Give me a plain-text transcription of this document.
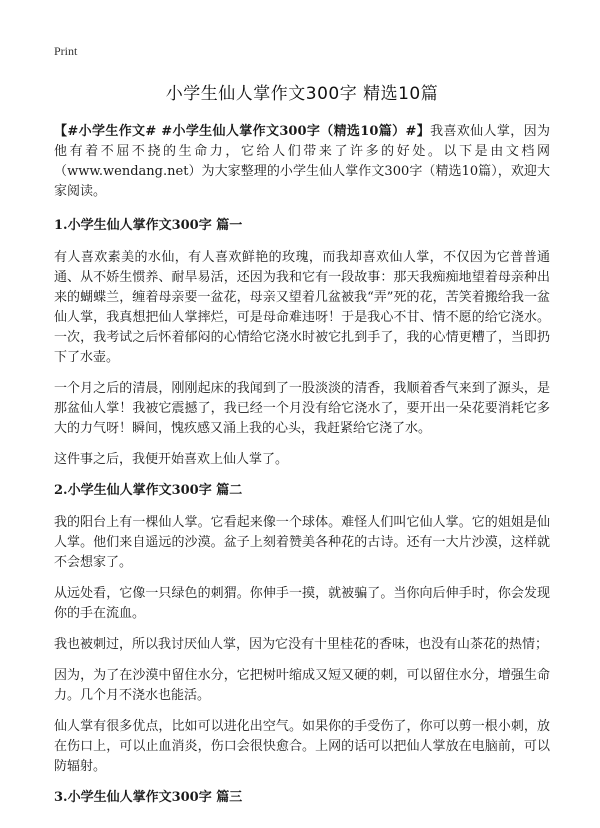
Print
小学生仙人掌作文300字 精选10篇

【#小学生作文# #小学生仙人掌作文300字（精选10篇）#】我喜欢仙人掌，因为他有着不屈不挠的生命力，它给人们带来了许多的好处。以下是由文档网（www.wendang.net）为大家整理的小学生仙人掌作文300字（精选10篇），欢迎大家阅读。

1.小学生仙人掌作文300字 篇一

有人喜欢素美的水仙，有人喜欢鲜艳的玫瑰，而我却喜欢仙人掌，不仅因为它普普通通、从不娇生惯养、耐旱易活，还因为我和它有一段故事：那天我痴痴地望着母亲种出来的蝴蝶兰，缠着母亲要一盆花，母亲又望着几盆被我“弄”死的花，苦笑着搬给我一盆仙人掌，我真想把仙人掌摔烂，可是母命难违呀！于是我心不甘、情不愿的给它浇水。一次，我考试之后怀着郁闷的心情给它浇水时被它扎到手了，我的心情更糟了，当即扔下了水壶。

一个月之后的清晨，刚刚起床的我闻到了一股淡淡的清香，我顺着香气来到了源头，是那盆仙人掌！我被它震撼了，我已经一个月没有给它浇水了，要开出一朵花要消耗它多大的力气呀！瞬间，愧疚感又涌上我的心头，我赶紧给它浇了水。

这件事之后，我便开始喜欢上仙人掌了。

2.小学生仙人掌作文300字 篇二

我的阳台上有一棵仙人掌。它看起来像一个球体。难怪人们叫它仙人掌。它的姐姐是仙人掌。他们来自遥远的沙漠。盆子上刻着赞美各种花的古诗。还有一大片沙漠，这样就不会想家了。

从远处看，它像一只绿色的刺猬。你伸手一摸，就被骗了。当你向后伸手时，你会发现你的手在流血。

我也被刺过，所以我讨厌仙人掌，因为它没有十里桂花的香味，也没有山茶花的热情；

因为，为了在沙漠中留住水分，它把树叶缩成又短又硬的刺，可以留住水分，增强生命力。几个月不浇水也能活。

仙人掌有很多优点，比如可以进化出空气。如果你的手受伤了，你可以剪一根小刺，放在伤口上，可以止血消炎，伤口会很快愈合。上网的话可以把仙人掌放在电脑前，可以防辐射。

3.小学生仙人掌作文300字 篇三
